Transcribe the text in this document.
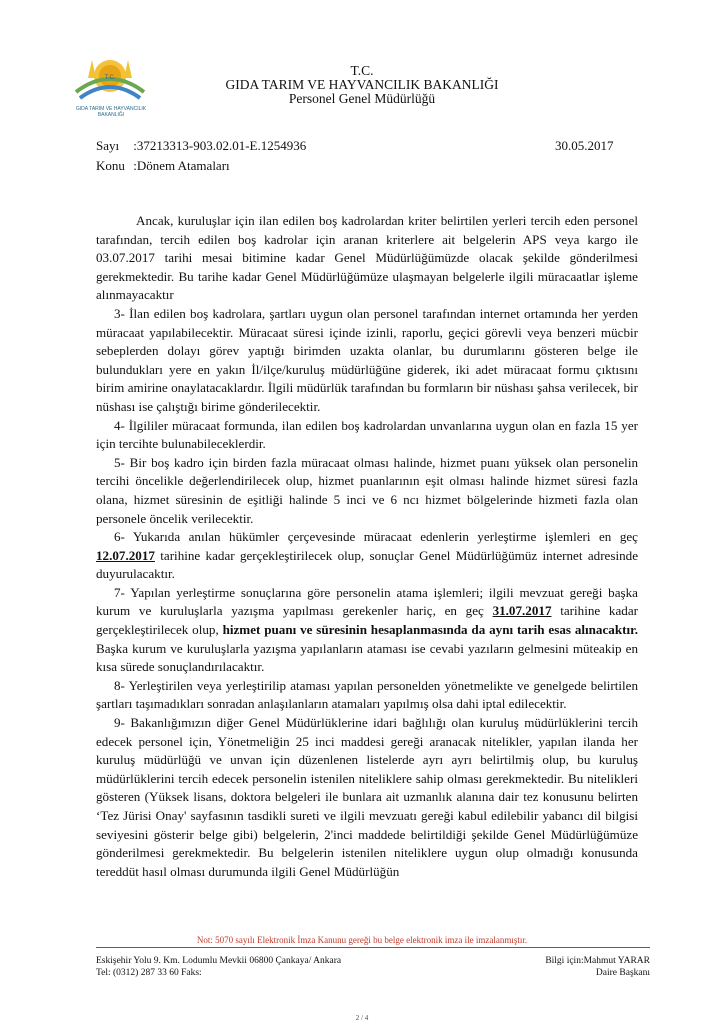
T.C.
GIDA TARIM VE HAYVANCILIK
BAKANLIĞI
T.C.
GIDA TARIM VE HAYVANCILIK BAKANLIĞI
Personel Genel Müdürlüğü
Sayı :37213313-903.02.01-E.1254936
Konu :Dönem Atamaları
30.05.2017

Ancak, kuruluşlar için ilan edilen boş kadrolardan kriter belirtilen yerleri tercih eden personel tarafından, tercih edilen boş kadrolar için aranan kriterlere ait belgelerin APS veya kargo ile 03.07.2017 tarihi mesai bitimine kadar Genel Müdürlüğümüzde olacak şekilde gönderilmesi gerekmektedir. Bu tarihe kadar Genel Müdürlüğümüze ulaşmayan belgelerle ilgili müracaatlar işleme alınmayacaktır

3- İlan edilen boş kadrolara, şartları uygun olan personel tarafından internet ortamında her yerden müracaat yapılabilecektir. Müracaat süresi içinde izinli, raporlu, geçici görevli veya benzeri mücbir sebeplerden dolayı görev yaptığı birimden uzakta olanlar, bu durumlarını gösteren belge ile bulundukları yere en yakın İl/ilçe/kuruluş müdürlüğüne giderek, iki adet müracaat formu çıktısını birim amirine onaylatacaklardır. İlgili müdürlük tarafından bu formların bir nüshası şahsa verilecek, bir nüshası ise çalıştığı birime gönderilecektir.

4- İlgililer müracaat formunda, ilan edilen boş kadrolardan unvanlarına uygun olan en fazla 15 yer için tercihte bulunabileceklerdir.

5- Bir boş kadro için birden fazla müracaat olması halinde, hizmet puanı yüksek olan personelin tercihi öncelikle değerlendirilecek olup, hizmet puanlarının eşit olması halinde hizmet süresi fazla olana, hizmet süresinin de eşitliği halinde 5 inci ve 6 ncı hizmet bölgelerinde hizmeti fazla olan personele öncelik verilecektir.

6- Yukarıda anılan hükümler çerçevesinde müracaat edenlerin yerleştirme işlemleri en geç 12.07.2017 tarihine kadar gerçekleştirilecek olup, sonuçlar Genel Müdürlüğümüz internet adresinde duyurulacaktır.

7- Yapılan yerleştirme sonuçlarına göre personelin atama işlemleri; ilgili mevzuat gereği başka kurum ve kuruluşlarla yazışma yapılması gerekenler hariç, en geç 31.07.2017 tarihine kadar gerçekleştirilecek olup, hizmet puanı ve süresinin hesaplanmasında da aynı tarih esas alınacaktır. Başka kurum ve kuruluşlarla yazışma yapılanların ataması ise cevabi yazıların gelmesini müteakip en kısa sürede sonuçlandırılacaktır.

8- Yerleştirilen veya yerleştirilip ataması yapılan personelden yönetmelikte ve genelgede belirtilen şartları taşımadıkları sonradan anlaşılanların atamaları yapılmış olsa dahi iptal edilecektir.

9- Bakanlığımızın diğer Genel Müdürlüklerine idari bağlılığı olan kuruluş müdürlüklerini tercih edecek personel için, Yönetmeliğin 25 inci maddesi gereği aranacak nitelikler, yapılan ilanda her kuruluş müdürlüğü ve unvan için düzenlenen listelerde ayrı ayrı belirtilmiş olup, bu kuruluş müdürlüklerini tercih edecek personelin istenilen niteliklere sahip olması gerekmektedir. Bu nitelikleri gösteren (Yüksek lisans, doktora belgeleri ile bunlara ait uzmanlık alanına dair tez konusunu belirten ‘Tez Jürisi Onay' sayfasının tasdikli sureti ve ilgili mevzuatı gereği kabul edilebilir yabancı dil bilgisi seviyesini gösterir belge gibi) belgelerin, 2'inci maddede belirtildiği şekilde Genel Müdürlüğümüze gönderilmesi gerekmektedir. Bu belgelerin istenilen niteliklere uygun olup olmadığı konusunda tereddüt hasıl olması durumunda ilgili Genel Müdürlüğün

Not: 5070 sayılı Elektronik İmza Kanunu gereği bu belge elektronik imza ile imzalanmıştır.
Eskişehir Yolu 9. Km. Lodumlu Mevkii 06800 Çankaya/ Ankara
Tel: (0312) 287 33 60 Faks:
Bilgi için:Mahmut YARAR
Daire Başkanı
2 / 4
